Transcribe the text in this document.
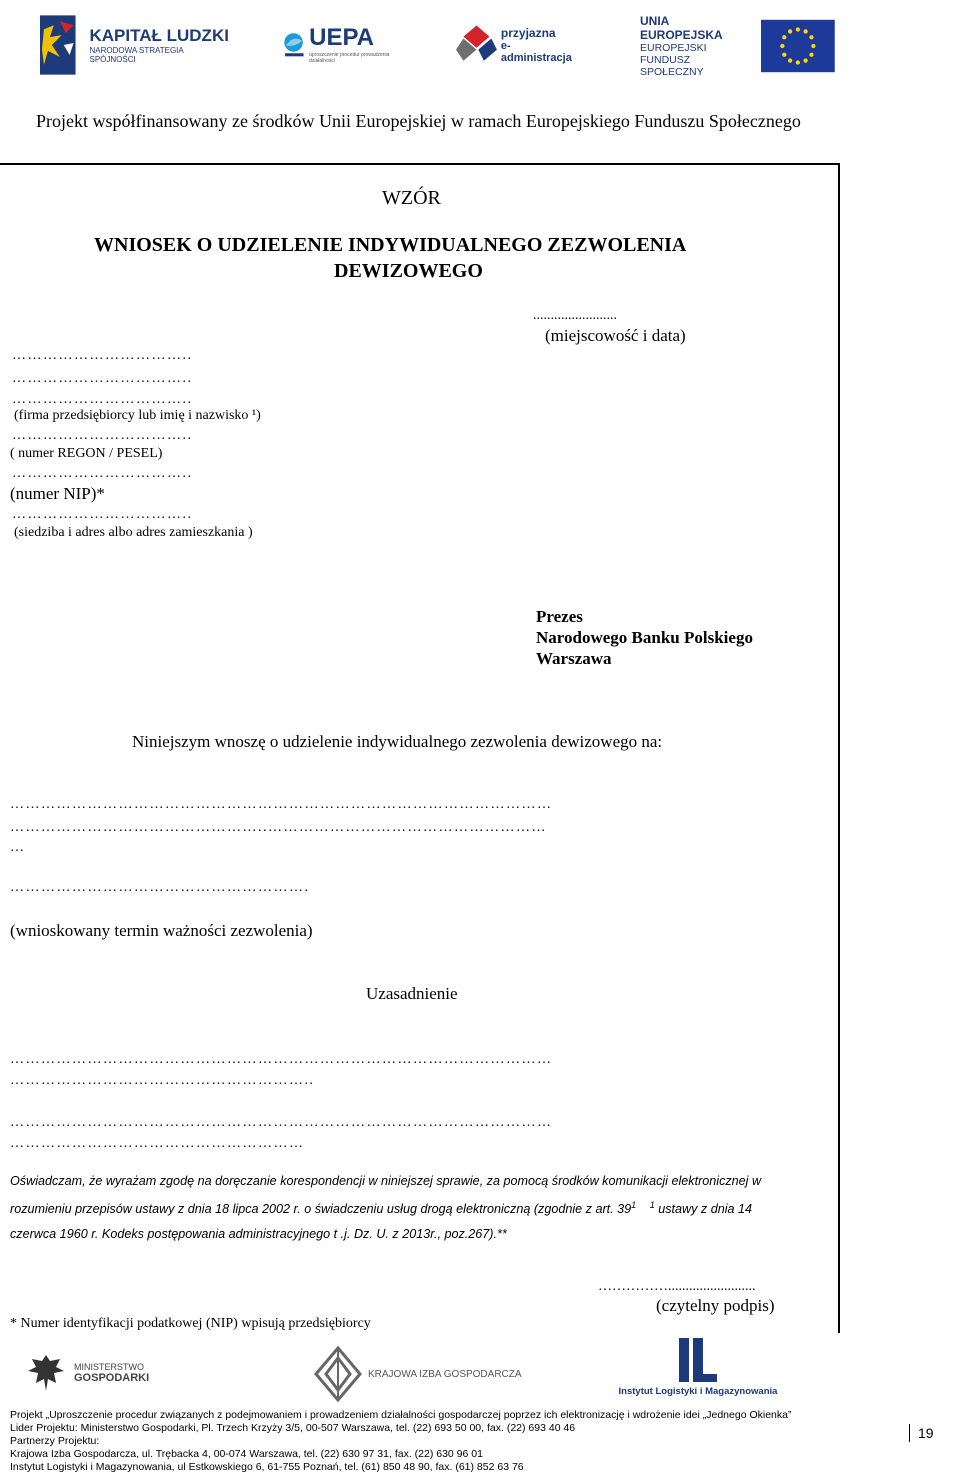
KAPITAŁ LUDZKI
NARODOWA STRATEGIA SPÓJNOŚCI
UEPA
uproszczenie procedur prowadzenia działalności
przyjazna
e-administracja
UNIA EUROPEJSKA
EUROPEJSKI
FUNDUSZ SPOŁECZNY
Projekt współfinansowany ze środków Unii Europejskiej w ramach Europejskiego Funduszu Społecznego
WZÓR
WNIOSEK O UDZIELENIE INDYWIDUALNEGO ZEZWOLENIA
DEWIZOWEGO
........................
(miejscowość i data)
……………………………..
……………………………..
……………………………..
(firma przedsiębiorcy lub imię i nazwisko ¹)
……………………………..
( numer REGON / PESEL)
……………………………..
(numer NIP)*
……………………………..
(siedziba i adres albo adres zamieszkania )
Prezes
Narodowego Banku Polskiego
Warszawa
Niniejszym wnoszę o udzielenie indywidualnego zezwolenia dewizowego na:
……………………………………………………………………………………………
…………………………………………..………………………………………………
…
………………………………………………….
(wnioskowany termin ważności zezwolenia)
Uzasadnienie
……………………………………………………………………………………………
…………………………………………………..
……………………………………………………………………………………………
…………………………………………………
Oświadczam, że wyrażam zgodę na doręczanie korespondencji w niniejszej sprawie, za pomocą środków komunikacji elektronicznej w
rozumieniu przepisów ustawy z dnia 18 lipca 2002 r. o świadczeniu usług drogą elektroniczną (zgodnie z art. $39^1$ $^1$ ustawy z dnia 14
czerwca 1960 r. Kodeks postępowania administracyjnego t .j. Dz. U. z 2013r., poz.267).**
…………….........................
(czytelny podpis)
* Numer identyfikacji podatkowej (NIP) wpisują przedsiębiorcy
MINISTERSTWO
GOSPODARKI	KRAJOWA IZBA GOSPODARCZA
Instytut Logistyki i Magazynowania
Projekt „Uproszczenie procedur związanych z podejmowaniem i prowadzeniem działalności gospodarczej poprzez ich elektronizację i wdrożenie idei „Jednego Okienka”
Lider Projektu: Ministerstwo Gospodarki, Pl. Trzech Krzyży 3/5, 00-507 Warszawa, tel. (22) 693 50 00, fax. (22) 693 40 46
Partnerzy Projektu:
Krajowa Izba Gospodarcza, ul. Trębacka 4, 00-074 Warszawa, tel. (22) 630 97 31, fax. (22) 630 96 01
Instytut Logistyki i Magazynowania, ul Estkowskiego 6, 61-755 Poznań, tel. (61) 850 48 90, fax. (61) 852 63 76
19
